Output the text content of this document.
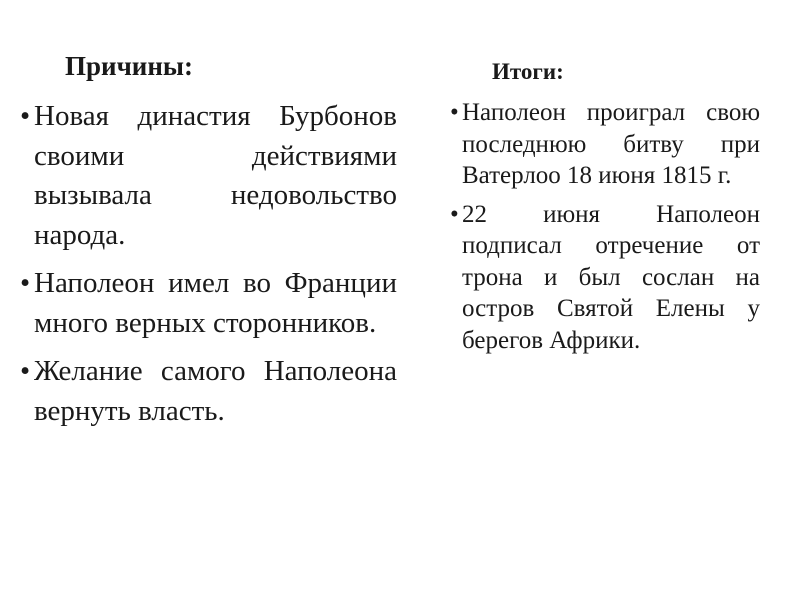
Причины:
• Новая династия Бурбонов своими действиями вызывала недовольство народа.
• Наполеон имел во Франции много верных сторонников.
• Желание самого Наполеона вернуть власть.
Итоги:
• Наполеон проиграл свою последнюю битву при Ватерлоо 18 июня 1815 г.
• 22 июня Наполеон подписал отречение от трона и был сослан на остров Святой Елены у берегов Африки.
